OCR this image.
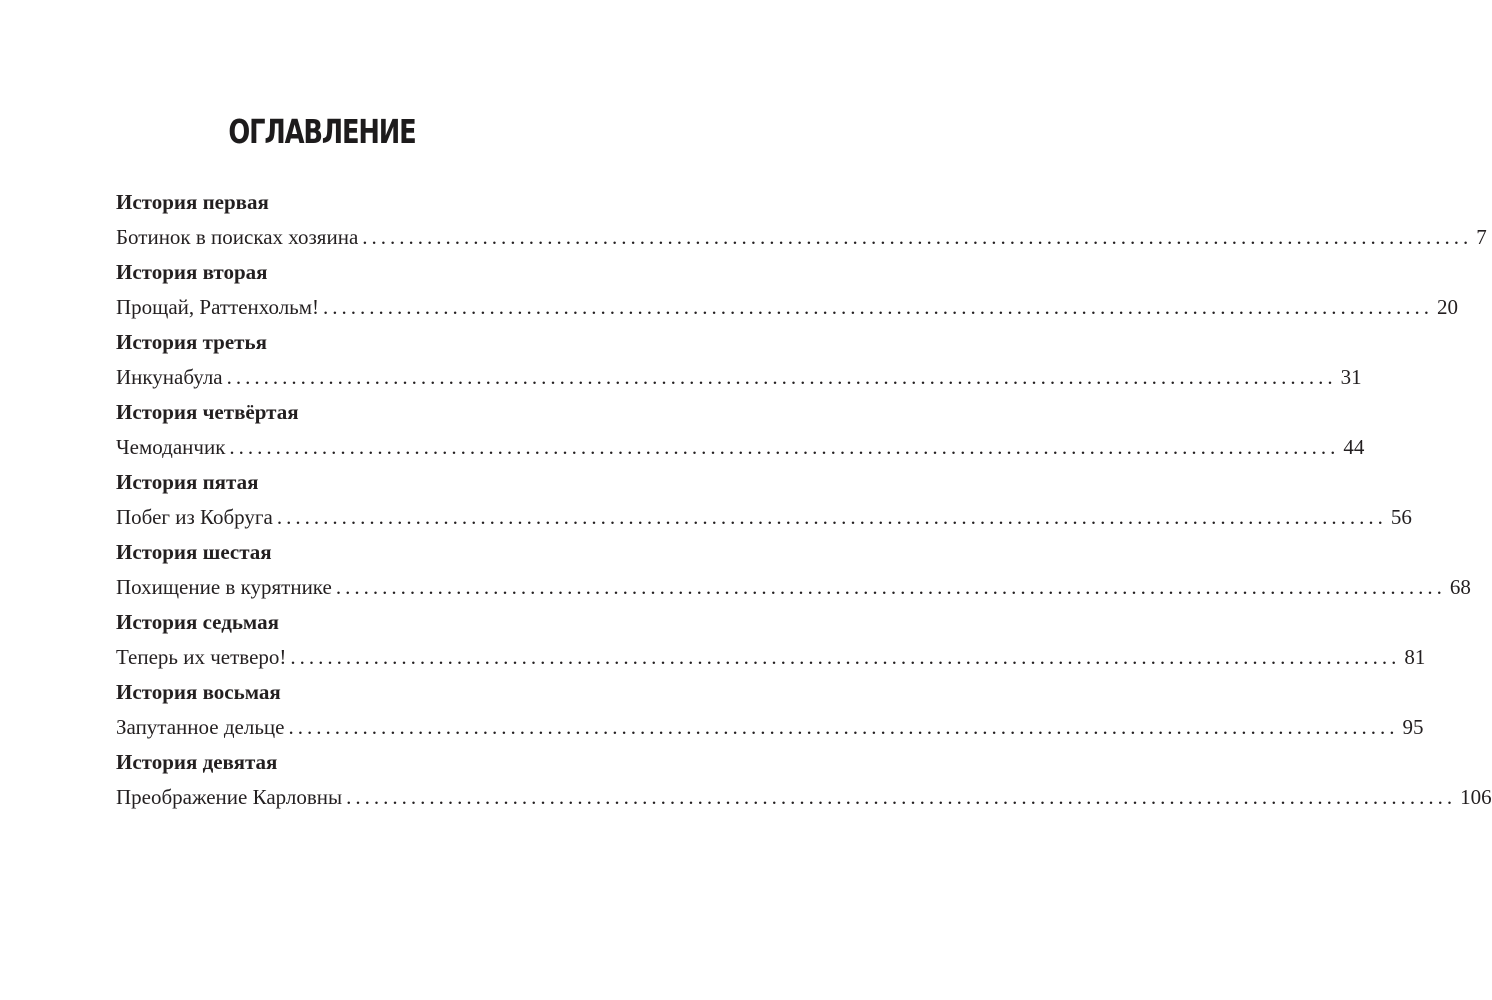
ОГЛАВЛЕНИЕ
История первая
Ботинок в поисках хозяина ........................................................................................................................ 7
История вторая
Прощай, Раттенхольм! ........................................................................................................................ 20
История третья
Инкунабула ........................................................................................................................ 31
История четвёртая
Чемоданчик ........................................................................................................................ 44
История пятая
Побег из Кобруга ........................................................................................................................ 56
История шестая
Похищение в курятнике ........................................................................................................................ 68
История седьмая
Теперь их четверо! ........................................................................................................................ 81
История восьмая
Запутанное дельце ........................................................................................................................ 95
История девятая
Преображение Карловны ........................................................................................................................ 106
